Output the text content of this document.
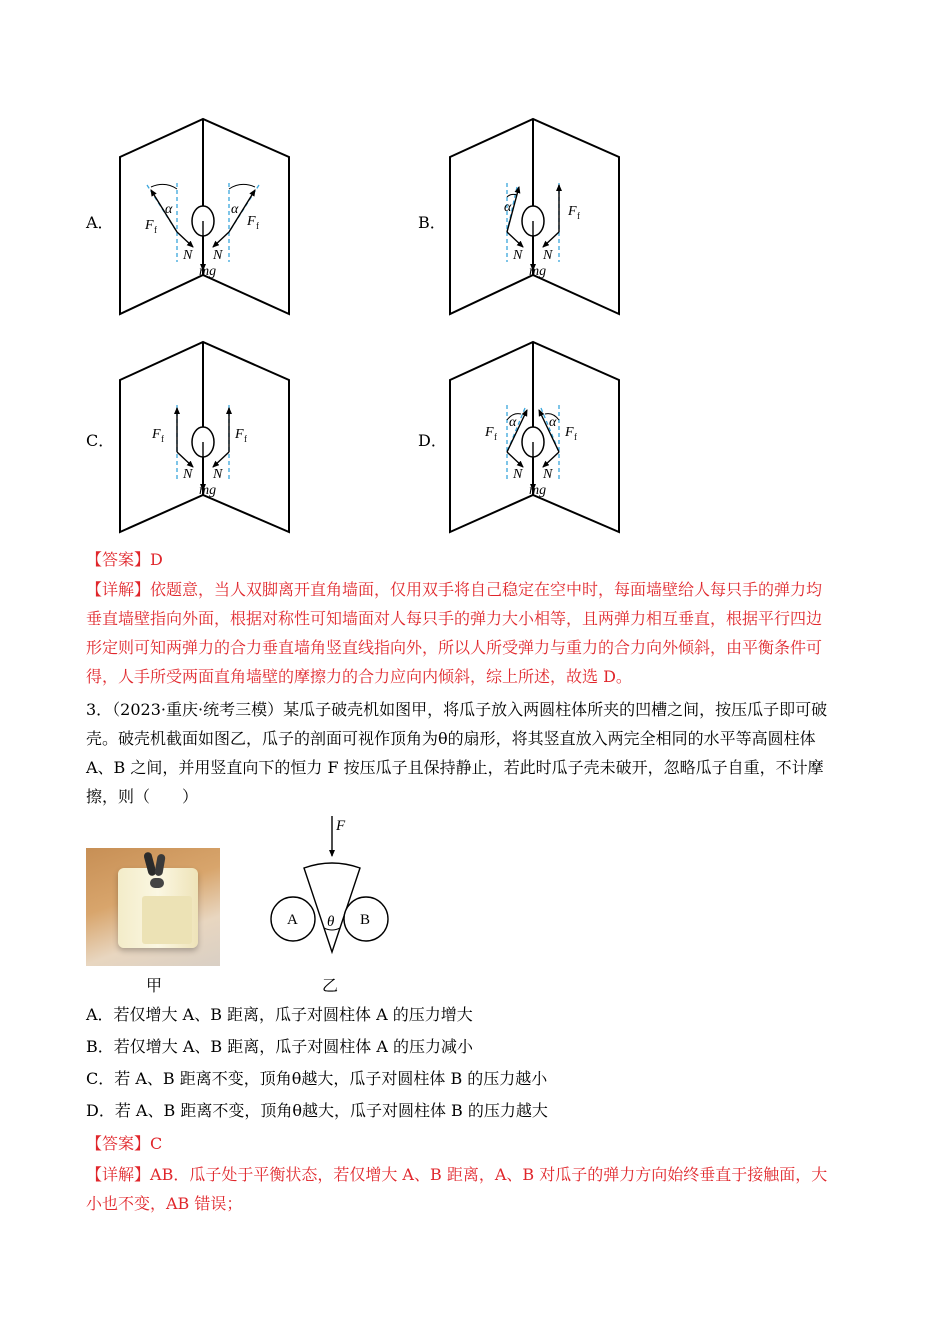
A．	B．
C．	D．
α	α
F f
F f
N N
mg
α	F f
N N
mg
F f	F f
N N
mg
α α
F f	F f
N N
mg
【答案】D
【详解】依题意，当人双脚离开直角墙面，仅用双手将自己稳定在空中时，每面墙壁给人每只手的弹力均
垂直墙壁指向外面，根据对称性可知墙面对人每只手的弹力大小相等，且两弹力相互垂直，根据平行四边
形定则可知两弹力的合力垂直墙角竖直线指向外，所以人所受弹力与重力的合力向外倾斜，由平衡条件可
得，人手所受两面直角墙壁的摩擦力的合力应向内倾斜，综上所述，故选 D。
3．（2023·重庆·统考三模）某瓜子破壳机如图甲，将瓜子放入两圆柱体所夹的凹槽之间，按压瓜子即可破
壳。破壳机截面如图乙，瓜子的剖面可视作顶角为θ的扇形，将其竖直放入两完全相同的水平等高圆柱体
A、B 之间，并用竖直向下的恒力 F 按压瓜子且保持静止，若此时瓜子壳未破开，忽略瓜子自重，不计摩
擦，则（　　）
甲
F
A	B
θ
乙
A．若仅增大 A、B 距离，瓜子对圆柱体 A 的压力增大
B．若仅增大 A、B 距离，瓜子对圆柱体 A 的压力减小
C．若 A、B 距离不变，顶角θ越大，瓜子对圆柱体 B 的压力越小
D．若 A、B 距离不变，顶角θ越大，瓜子对圆柱体 B 的压力越大
【答案】C
【详解】AB．瓜子处于平衡状态，若仅增大 A、B 距离，A、B 对瓜子的弹力方向始终垂直于接触面，大
小也不变，AB 错误；
